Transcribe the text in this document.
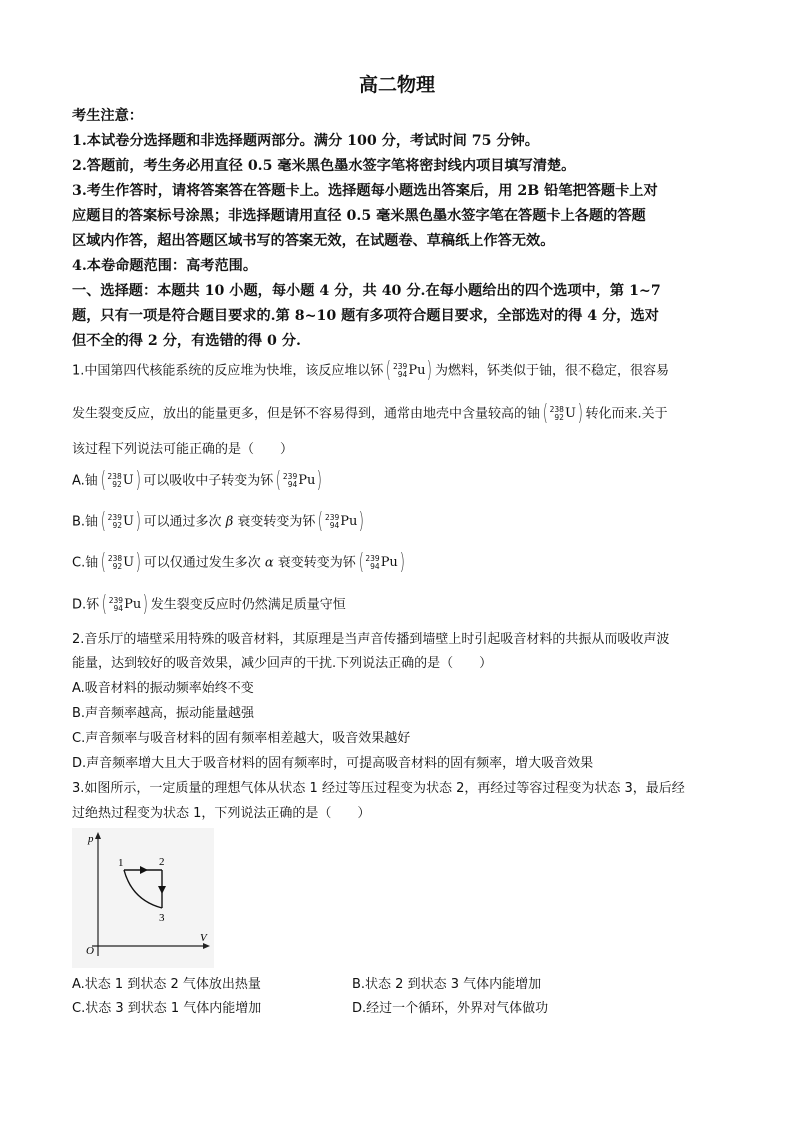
高二物理
考生注意：
1.本试卷分选择题和非选择题两部分。满分 100 分，考试时间 75 分钟。
2.答题前，考生务必用直径 0.5 毫米黑色墨水签字笔将密封线内项目填写清楚。
3.考生作答时，请将答案答在答题卡上。选择题每小题选出答案后，用 2B 铅笔把答题卡上对
应题目的答案标号涂黑；非选择题请用直径 0.5 毫米黑色墨水签字笔在答题卡上各题的答题
区域内作答，超出答题区域书写的答案无效，在试题卷、草稿纸上作答无效。
4.本卷命题范围：高考范围。
一、选择题：本题共 10 小题，每小题 4 分，共 40 分.在每小题给出的四个选项中，第 1~7
题，只有一项是符合题目要求的.第 8~10 题有多项符合题目要求，全部选对的得 4 分，选对
但不全的得 2 分，有选错的得 0 分.
1.中国第四代核能系统的反应堆为快堆，该反应堆以钚 ( 239
94 Pu ) 为燃料，钚类似于铀，很不稳定，很容易
发生裂变反应，放出的能量更多，但是钚不容易得到，通常由地壳中含量较高的铀 ( 238
92 U ) 转化而来.关于
该过程下列说法可能正确的是（　　）
A.铀 ( 238
92 U ) 可以吸收中子转变为钚 ( 239
94 Pu )
B.铀 ( 239
92 U ) 可以通过多次 β 衰变转变为钚 ( 239
94 Pu )
C.铀 ( 238
92 U ) 可以仅通过发生多次 α 衰变转变为钚 ( 239
94 Pu )
D.钚 ( 239
94 Pu ) 发生裂变反应时仍然满足质量守恒
2.音乐厅的墙壁采用特殊的吸音材料，其原理是当声音传播到墙壁上时引起吸音材料的共振从而吸收声波
能量，达到较好的吸音效果，减少回声的干扰.下列说法正确的是（　　）
A.吸音材料的振动频率始终不变
B.声音频率越高，振动能量越强
C.声音频率与吸音材料的固有频率相差越大，吸音效果越好
D.声音频率增大且大于吸音材料的固有频率时，可提高吸音材料的固有频率，增大吸音效果
3.如图所示，一定质量的理想气体从状态 1 经过等压过程变为状态 2，再经过等容过程变为状态 3，最后经
过绝热过程变为状态 1，下列说法正确的是（　　）
p
V
O
1	2
3
A.状态 1 到状态 2 气体放出热量	B.状态 2 到状态 3 气体内能增加
C.状态 3 到状态 1 气体内能增加	D.经过一个循环，外界对气体做功
